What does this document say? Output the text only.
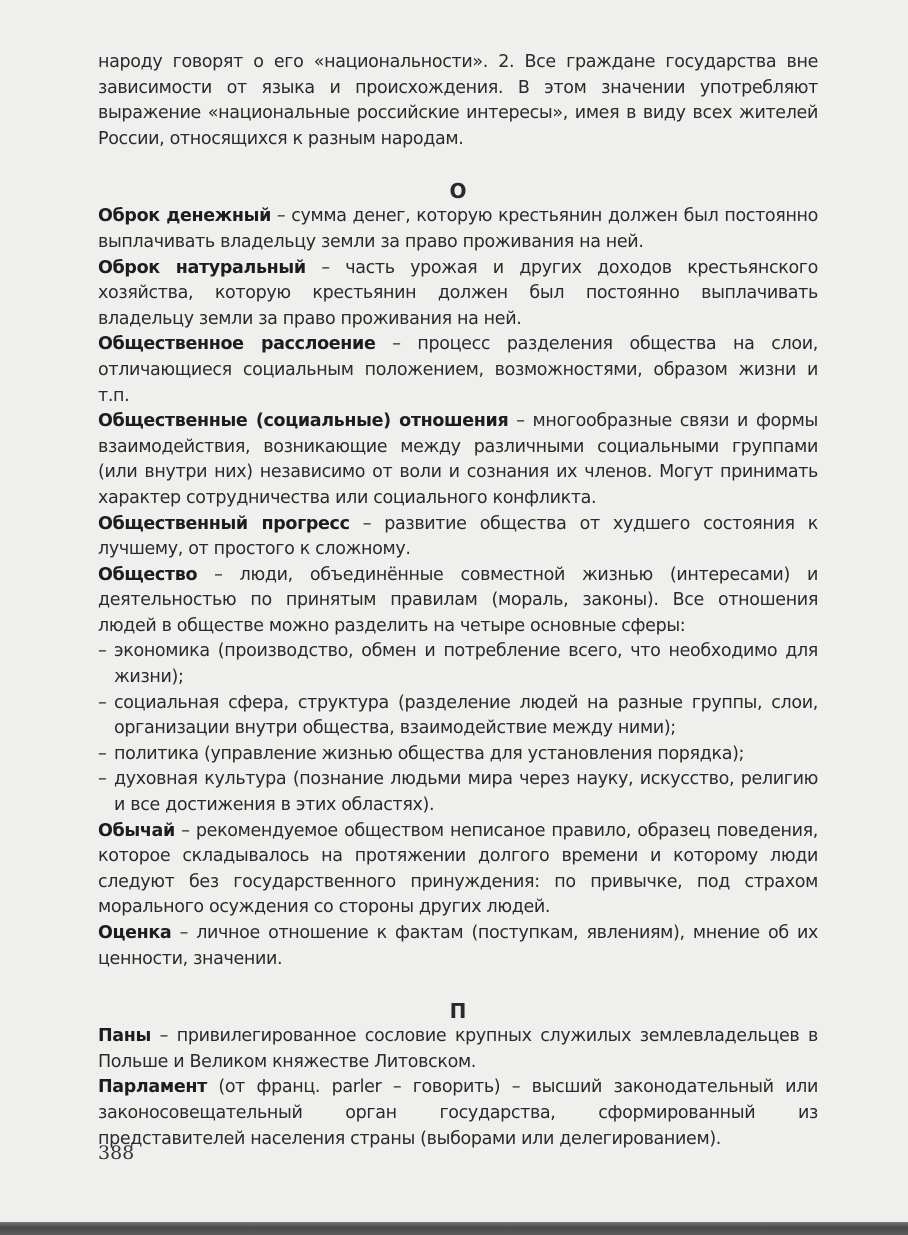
народу говорят о его «национальности». 2. Все граждане государства вне зависимости от языка и происхождения. В этом значении употребляют выражение «национальные российские интересы», имея в виду всех жителей России, относящихся к разным народам.

О

Оброк денежный – сумма денег, которую крестьянин должен был постоянно выплачивать владельцу земли за право проживания на ней.

Оброк натуральный – часть урожая и других доходов крестьянского хозяйства, которую крестьянин должен был постоянно выплачивать владельцу земли за право проживания на ней.

Общественное расслоение – процесс разделения общества на слои, отличающиеся социальным положением, возможностями, образом жизни и т.п.

Общественные (социальные) отношения – многообразные связи и формы взаимодействия, возникающие между различными социальными группами (или внутри них) независимо от воли и сознания их членов. Могут принимать характер сотрудничества или социального конфликта.

Общественный прогресс – развитие общества от худшего состояния к лучшему, от простого к сложному.

Общество – люди, объединённые совместной жизнью (интересами) и деятельностью по принятым правилам (мораль, законы). Все отношения людей в обществе можно разделить на четыре основные сферы:

– экономика (производство, обмен и потребление всего, что необходимо для жизни);
– социальная сфера, структура (разделение людей на разные группы, слои, организации внутри общества, взаимодействие между ними);
– политика (управление жизнью общества для установления порядка);
– духовная культура (познание людьми мира через науку, искусство, религию и все достижения в этих областях).

Обычай – рекомендуемое обществом неписаное правило, образец поведения, которое складывалось на протяжении долгого времени и которому люди следуют без государственного принуждения: по привычке, под страхом морального осуждения со стороны других людей.

Оценка – личное отношение к фактам (поступкам, явлениям), мнение об их ценности, значении.

П

Паны – привилегированное сословие крупных служилых землевладельцев в Польше и Великом княжестве Литовском.

Парламент (от франц. parler – говорить) – высший законодательный или законосовещательный орган государства, сформированный из представителей населения страны (выборами или делегированием).

388
